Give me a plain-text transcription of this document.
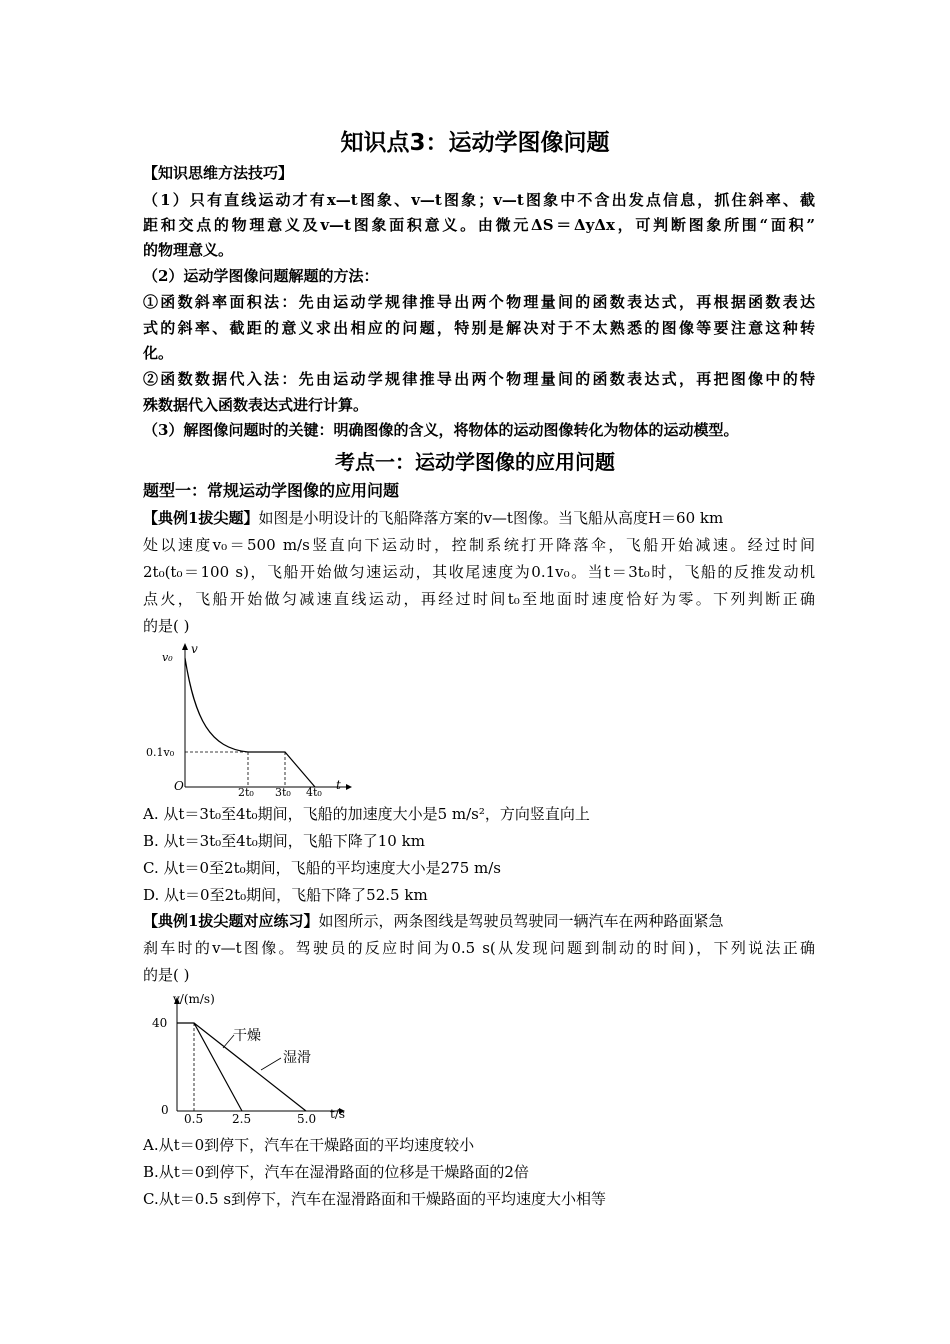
知识点3：运动学图像问题
【知识思维方法技巧】
（1）只有直线运动才有x—t图象、v—t图象；v—t图象中不含出发点信息，抓住斜率、截
距和交点的物理意义及v—t图象面积意义。由微元ΔS＝ΔyΔx，可判断图象所围“面积”
的物理意义。
（2）运动学图像问题解题的方法：
①函数斜率面积法：先由运动学规律推导出两个物理量间的函数表达式，再根据函数表达
式的斜率、截距的意义求出相应的问题，特别是解决对于不太熟悉的图像等要注意这种转
化。
②函数数据代入法：先由运动学规律推导出两个物理量间的函数表达式，再把图像中的特
殊数据代入函数表达式进行计算。
（3）解图像问题时的关键：明确图像的含义，将物体的运动图像转化为物体的运动模型。
考点一：运动学图像的应用问题
题型一：常规运动学图像的应用问题
【典例1拔尖题】如图是小明设计的飞船降落方案的v—t图像。当飞船从高度H＝60 km
处以速度v₀＝500 m/s竖直向下运动时，控制系统打开降落伞，飞船开始减速。经过时间
2t₀(t₀＝100 s)，飞船开始做匀速运动，其收尾速度为0.1v₀。当t＝3t₀时，飞船的反推发动机
点火，飞船开始做匀减速直线运动，再经过时间t₀至地面时速度恰好为零。下列判断正确
的是( )
v
v₀
0.1v₀
O	t
2t₀ 3t₀ 4t₀
A. 从t＝3t₀至4t₀期间，飞船的加速度大小是5 m/s²，方向竖直向上
B. 从t＝3t₀至4t₀期间，飞船下降了10 km
C. 从t＝0至2t₀期间，飞船的平均速度大小是275 m/s
D. 从t＝0至2t₀期间，飞船下降了52.5 km
【典例1拔尖题对应练习】如图所示，两条图线是驾驶员驾驶同一辆汽车在两种路面紧急
刹车时的v—t图像。驾驶员的反应时间为0.5 s(从发现问题到制动的时间)，下列说法正确
的是( )
v/(m/s)
40
0	t/s
0.5 2.5	5.0
干燥
湿滑
A.从t＝0到停下，汽车在干燥路面的平均速度较小
B.从t＝0到停下，汽车在湿滑路面的位移是干燥路面的2倍
C.从t＝0.5 s到停下，汽车在湿滑路面和干燥路面的平均速度大小相等
